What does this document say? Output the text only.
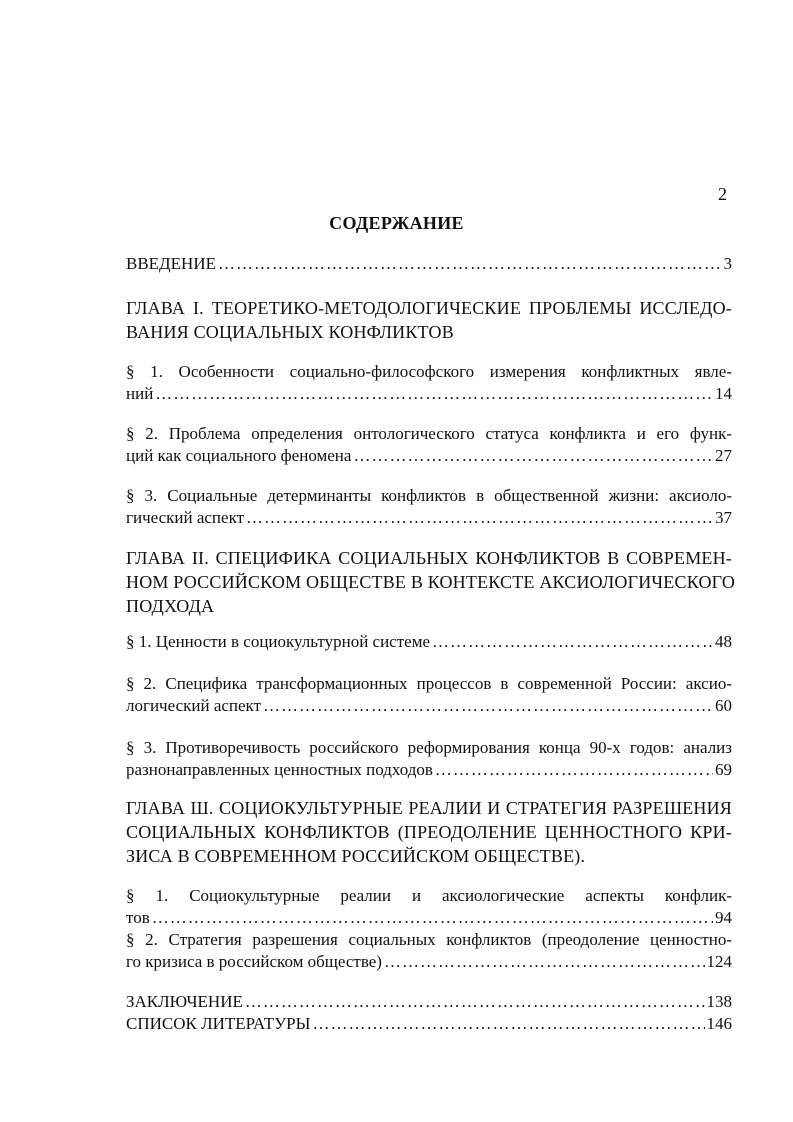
2
СОДЕРЖАНИЕ
ВВЕДЕНИЕ ……………………………………………………………………………………………………………………………………………………………………………………	3
ГЛАВА I. ТЕОРЕТИКО-МЕТОДОЛОГИЧЕСКИЕ ПРОБЛЕМЫ ИССЛЕДО-
ВАНИЯ СОЦИАЛЬНЫХ КОНФЛИКТОВ
§ 1. Особенности социально-философского измерения конфликтных явле-
ний ……………………………………………………………………………………………………………………………………………………………………………………	14
§ 2. Проблема определения онтологического статуса конфликта и его функ-
ций как социального феномена ……………………………………………………………………………………………………………………………………………………………………………………	27
§ 3. Социальные детерминанты конфликтов в общественной жизни: аксиоло-
гический аспект ……………………………………………………………………………………………………………………………………………………………………………………	37
ГЛАВА II. СПЕЦИФИКА СОЦИАЛЬНЫХ КОНФЛИКТОВ В СОВРЕМЕН-
НОМ РОССИЙСКОМ ОБЩЕСТВЕ В КОНТЕКСТЕ АКСИОЛОГИЧЕСКОГО
ПОДХОДА
§ 1. Ценности в социокультурной системе ……………………………………………………………………………………………………………………………………………………………………………………	48
§ 2. Специфика трансформационных процессов в современной России: аксио-
логический аспект ……………………………………………………………………………………………………………………………………………………………………………………	60
§ 3. Противоречивость российского реформирования конца 90-х годов: анализ
разнонаправленных ценностных подходов ……………………………………………………………………………………………………………………………………………………………………………………	69
ГЛАВА Ш. СОЦИОКУЛЬТУРНЫЕ РЕАЛИИ И СТРАТЕГИЯ РАЗРЕШЕНИЯ
СОЦИАЛЬНЫХ КОНФЛИКТОВ (ПРЕОДОЛЕНИЕ ЦЕННОСТНОГО КРИ-
ЗИСА В СОВРЕМЕННОМ РОССИЙСКОМ ОБЩЕСТВЕ).
§ 1. Социокультурные реалии и аксиологические аспекты конфлик-
тов ……………………………………………………………………………………………………………………………………………………………………………………	94
§ 2. Стратегия разрешения социальных конфликтов (преодоление ценностно-
го кризиса в российском обществе) ……………………………………………………………………………………………………………………………………………………………………………………	124
ЗАКЛЮЧЕНИЕ ……………………………………………………………………………………………………………………………………………………………………………………	138
СПИСОК ЛИТЕРАТУРЫ ……………………………………………………………………………………………………………………………………………………………………………………	146
